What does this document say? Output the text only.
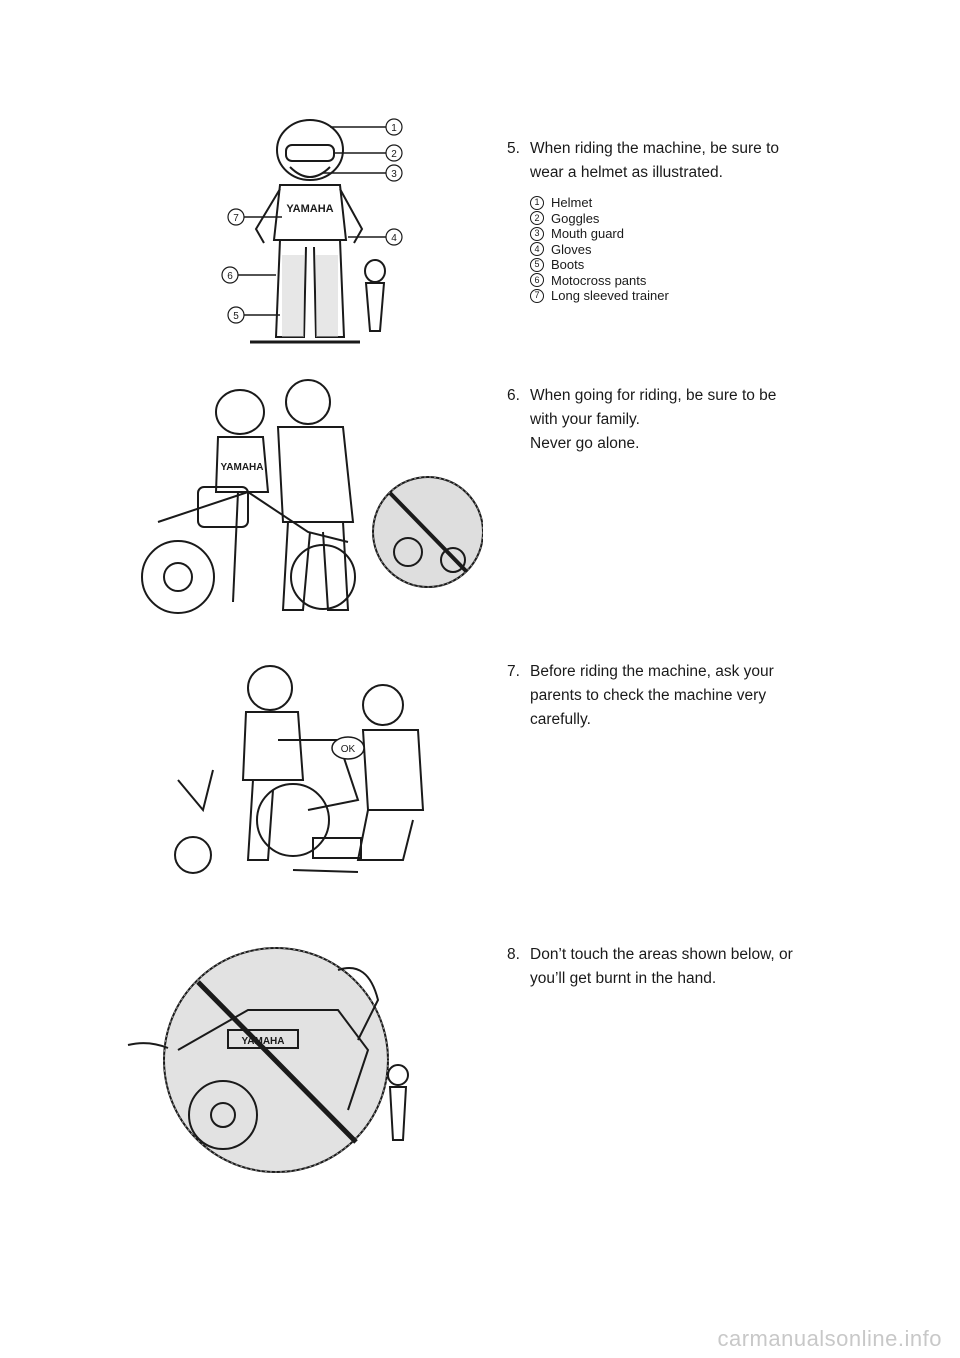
YAMAHA
1
2
3
4
5
6
7
YAMAHA
OK
YAMAHA
5. When riding the machine, be sure to

wear a helmet as illustrated.

1 Helmet
2 Goggles
3 Mouth guard
4 Gloves
5 Boots
6 Motocross pants
7 Long sleeved trainer
6. When going for riding, be sure to be

with your family.

Never go alone.

7. Before riding the machine, ask your

parents to check the machine very

carefully.

8. Don’t touch the areas shown below, or

you’ll get burnt in the hand.

carmanualsonline.info
